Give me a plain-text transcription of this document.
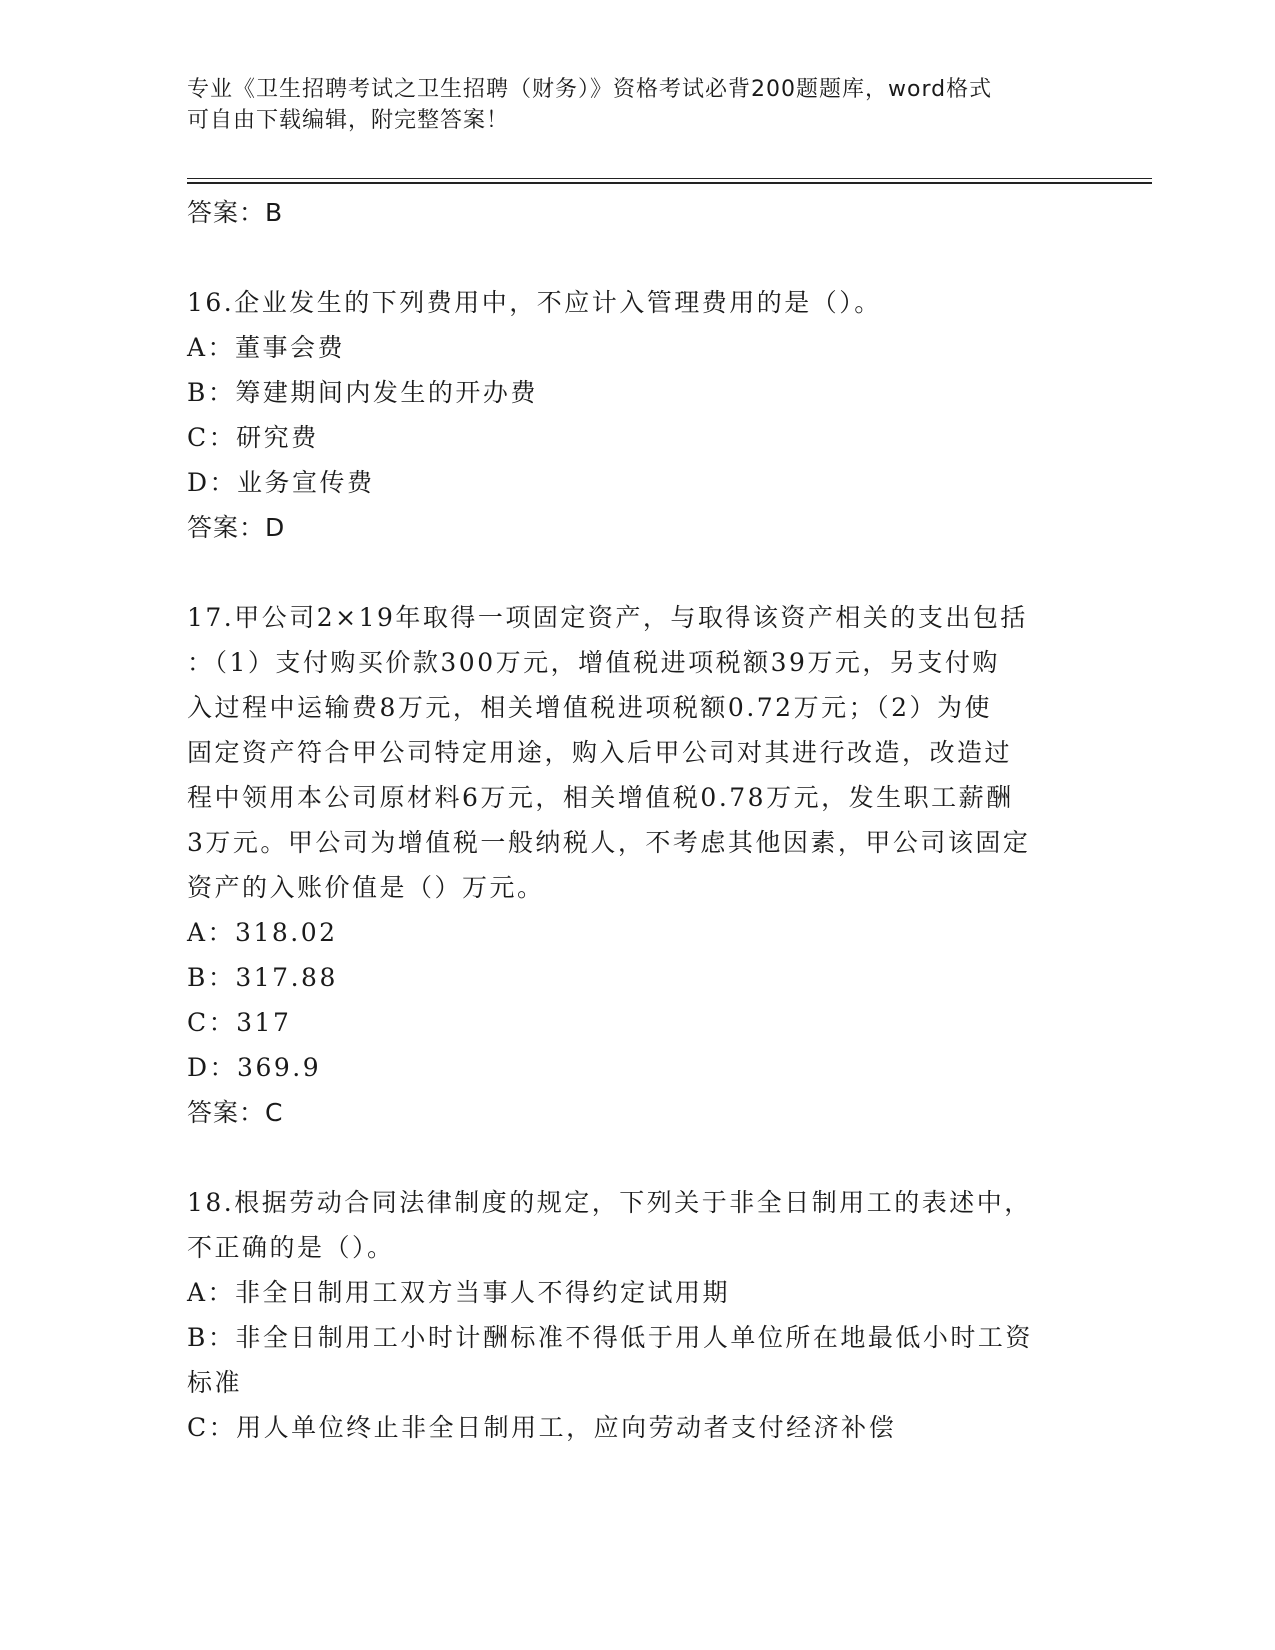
专业《卫生招聘考试之卫生招聘（财务）》资格考试必背200题题库，word格式
可自由下载编辑，附完整答案！
答案：B
16.企业发生的下列费用中，不应计入管理费用的是（）。
A：董事会费
B：筹建期间内发生的开办费
C：研究费
D：业务宣传费
答案：D
17.甲公司2×19年取得一项固定资产，与取得该资产相关的支出包括
：（1）支付购买价款300万元，增值税进项税额39万元，另支付购
入过程中运输费8万元，相关增值税进项税额0.72万元；（2）为使
固定资产符合甲公司特定用途，购入后甲公司对其进行改造，改造过
程中领用本公司原材料6万元，相关增值税0.78万元，发生职工薪酬
3万元。甲公司为增值税一般纳税人，不考虑其他因素，甲公司该固定
资产的入账价值是（）万元。
A：318.02
B：317.88
C：317
D：369.9
答案：C
18.根据劳动合同法律制度的规定，下列关于非全日制用工的表述中，
不正确的是（）。
A：非全日制用工双方当事人不得约定试用期
B：非全日制用工小时计酬标准不得低于用人单位所在地最低小时工资
标准
C：用人单位终止非全日制用工，应向劳动者支付经济补偿
